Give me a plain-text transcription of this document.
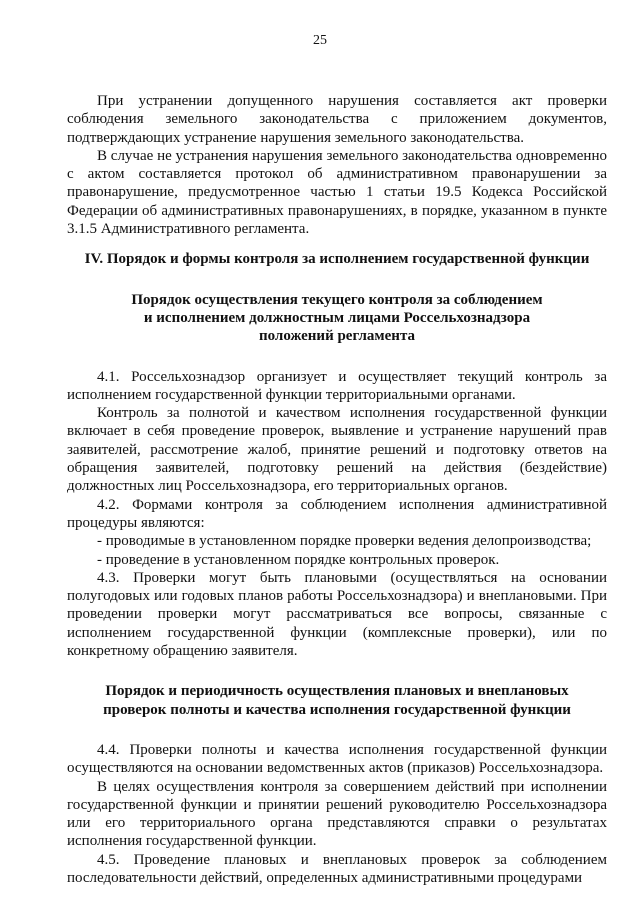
25

При устранении допущенного нарушения составляется акт проверки соблюдения земельного законодательства с приложением документов, подтверждающих устранение нарушения земельного законодательства.

В случае не устранения нарушения земельного законодательства одновременно с актом составляется протокол об административном правонарушении за правонарушение, предусмотренное частью 1 статьи 19.5 Кодекса Российской Федерации об административных правонарушениях, в порядке, указанном в пункте 3.1.5 Административного регламента.

IV. Порядок и формы контроля за исполнением государственной функции
Порядок осуществления текущего контроля за соблюдением
и исполнением должностным лицами Россельхознадзора
положений регламента

4.1. Россельхознадзор организует и осуществляет текущий контроль за исполнением государственной функции территориальными органами.

Контроль за полнотой и качеством исполнения государственной функции включает в себя проведение проверок, выявление и устранение нарушений прав заявителей, рассмотрение жалоб, принятие решений и подготовку ответов на обращения заявителей, подготовку решений на действия (бездействие) должностных лиц Россельхознадзора, его территориальных органов.

4.2. Формами контроля за соблюдением исполнения административной процедуры являются:

- проводимые в установленном порядке проверки ведения делопроизводства;

- проведение в установленном порядке контрольных проверок.

4.3. Проверки могут быть плановыми (осуществляться на основании полугодовых или годовых планов работы Россельхознадзора) и внеплановыми. При проведении проверки могут рассматриваться все вопросы, связанные с исполнением государственной функции (комплексные проверки), или по конкретному обращению заявителя.

Порядок и периодичность осуществления плановых и внеплановых
проверок полноты и качества исполнения государственной функции

4.4. Проверки полноты и качества исполнения государственной функции осуществляются на основании ведомственных актов (приказов) Россельхознадзора.

В целях осуществления контроля за совершением действий при исполнении государственной функции и принятии решений руководителю Россельхознадзора или его территориального органа представляются справки о результатах исполнения государственной функции.

4.5. Проведение плановых и внеплановых проверок за соблюдением последовательности действий, определенных административными процедурами
